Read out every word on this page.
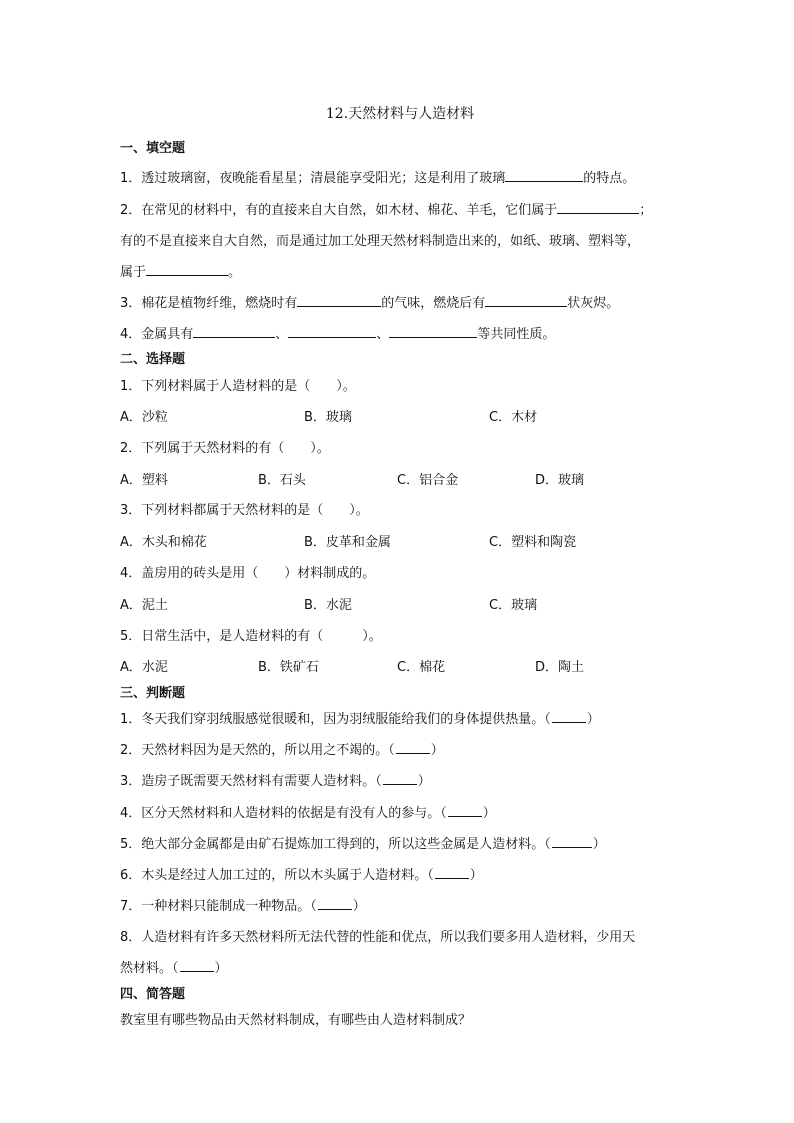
12.天然材料与人造材料
一、填空题
1．透过玻璃窗，夜晚能看星星；清晨能享受阳光；这是利用了玻璃	的特点。
2．在常见的材料中，有的直接来自大自然，如木材、棉花、羊毛，它们属于	；
有的不是直接来自大自然，而是通过加工处理天然材料制造出来的，如纸、玻璃、塑料等，
属于	。
3．棉花是植物纤维，燃烧时有	的气味，燃烧后有	状灰烬。
4．金属具有	、	、	等共同性质。
二、选择题
1．下列材料属于人造材料的是（　　）。
A．沙粒	B．玻璃	C．木材
2．下列属于天然材料的有（　　）。
A．塑料	B．石头	C．铝合金	D．玻璃
3．下列材料都属于天然材料的是（　　）。
A．木头和棉花	B．皮革和金属	C．塑料和陶瓷
4．盖房用的砖头是用（　　）材料制成的。
A．泥土	B．水泥	C．玻璃
5．日常生活中，是人造材料的有（　　　）。
A．水泥	B．铁矿石	C．棉花	D．陶土
三、判断题
1．冬天我们穿羽绒服感觉很暖和，因为羽绒服能给我们的身体提供热量。（	）
2．天然材料因为是天然的，所以用之不竭的。（	）
3．造房子既需要天然材料有需要人造材料。（	）
4．区分天然材料和人造材料的依据是有没有人的参与。（	）
5．绝大部分金属都是由矿石提炼加工得到的，所以这些金属是人造材料。（	）
6．木头是经过人加工过的，所以木头属于人造材料。（	）
7．一种材料只能制成一种物品。（	）
8．人造材料有许多天然材料所无法代替的性能和优点，所以我们要多用人造材料，少用天
然材料。（	）
四、简答题
教室里有哪些物品由天然材料制成，有哪些由人造材料制成？
